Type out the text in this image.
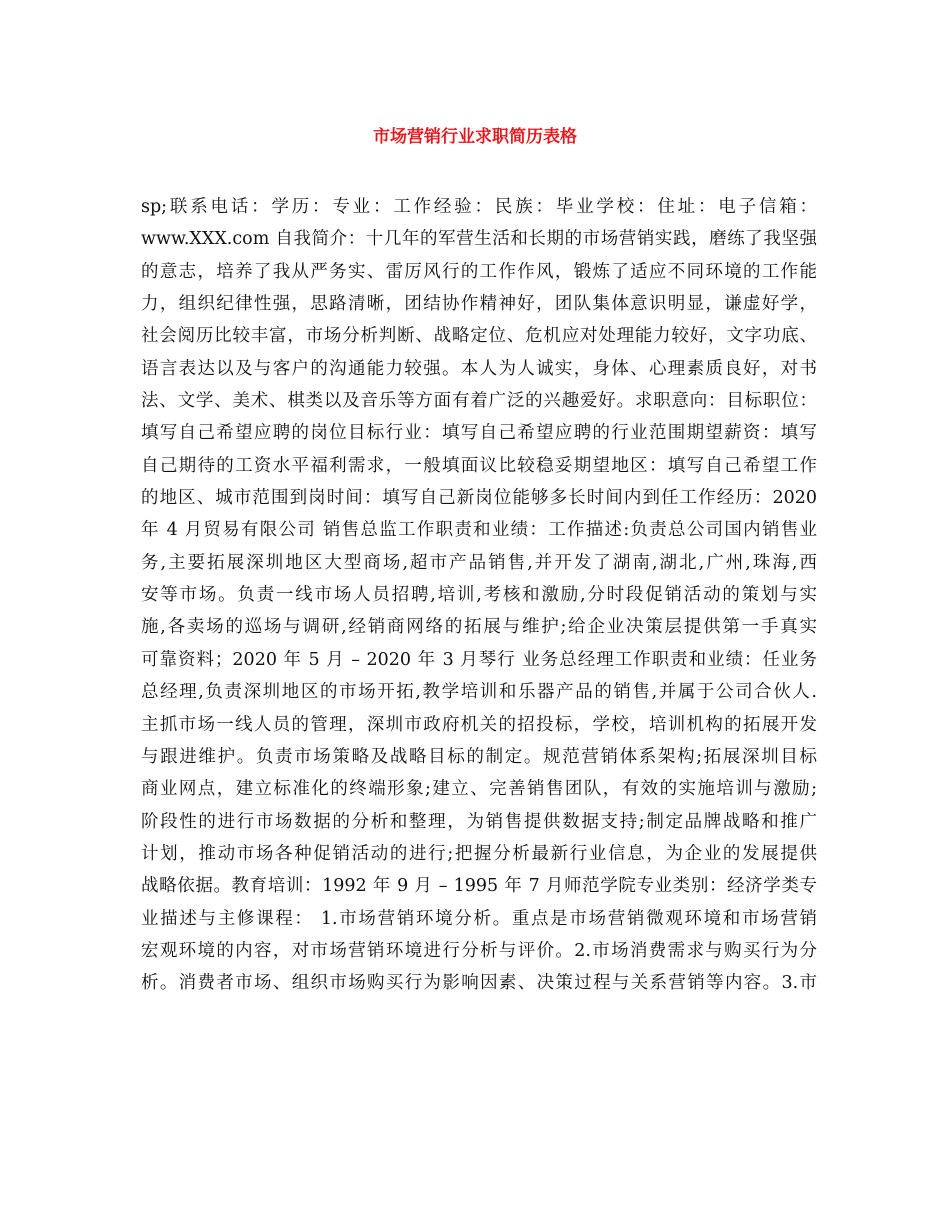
市场营销行业求职简历表格
sp;联系电话：学历：专业：工作经验：民族：毕业学校：住址：电子信箱：
www.XXX.com 自我简介：十几年的军营生活和长期的市场营销实践，磨练了我坚强
的意志，培养了我从严务实、雷厉风行的工作作风，锻炼了适应不同环境的工作能
力，组织纪律性强，思路清晰，团结协作精神好，团队集体意识明显，谦虚好学，
社会阅历比较丰富，市场分析判断、战略定位、危机应对处理能力较好，文字功底、
语言表达以及与客户的沟通能力较强。本人为人诚实，身体、心理素质良好，对书
法、文学、美术、棋类以及音乐等方面有着广泛的兴趣爱好。求职意向：目标职位：
填写自己希望应聘的岗位目标行业：填写自己希望应聘的行业范围期望薪资：填写
自己期待的工资水平福利需求，一般填面议比较稳妥期望地区：填写自己希望工作
的地区、城市范围到岗时间：填写自己新岗位能够多长时间内到任工作经历：2020
年 4 月贸易有限公司 销售总监工作职责和业绩：工作描述:负责总公司国内销售业
务,主要拓展深圳地区大型商场,超市产品销售,并开发了湖南,湖北,广州,珠海,西
安等市场。负责一线市场人员招聘,培训,考核和激励,分时段促销活动的策划与实
施,各卖场的巡场与调研,经销商网络的拓展与维护;给企业决策层提供第一手真实
可靠资料；2020 年 5 月 – 2020 年 3 月琴行 业务总经理工作职责和业绩：任业务
总经理,负责深圳地区的市场开拓,教学培训和乐器产品的销售,并属于公司合伙人.
主抓市场一线人员的管理，深圳市政府机关的招投标，学校，培训机构的拓展开发
与跟进维护。负责市场策略及战略目标的制定。规范营销体系架构;拓展深圳目标
商业网点，建立标准化的终端形象;建立、完善销售团队，有效的实施培训与激励;
阶段性的进行市场数据的分析和整理，为销售提供数据支持;制定品牌战略和推广
计划，推动市场各种促销活动的进行;把握分析最新行业信息，为企业的发展提供
战略依据。教育培训：1992 年 9 月 – 1995 年 7 月师范学院专业类别：经济学类专
业描述与主修课程： 1.市场营销环境分析。重点是市场营销微观环境和市场营销
宏观环境的内容，对市场营销环境进行分析与评价。2.市场消费需求与购买行为分
析。消费者市场、组织市场购买行为影响因素、决策过程与关系营销等内容。3.市
